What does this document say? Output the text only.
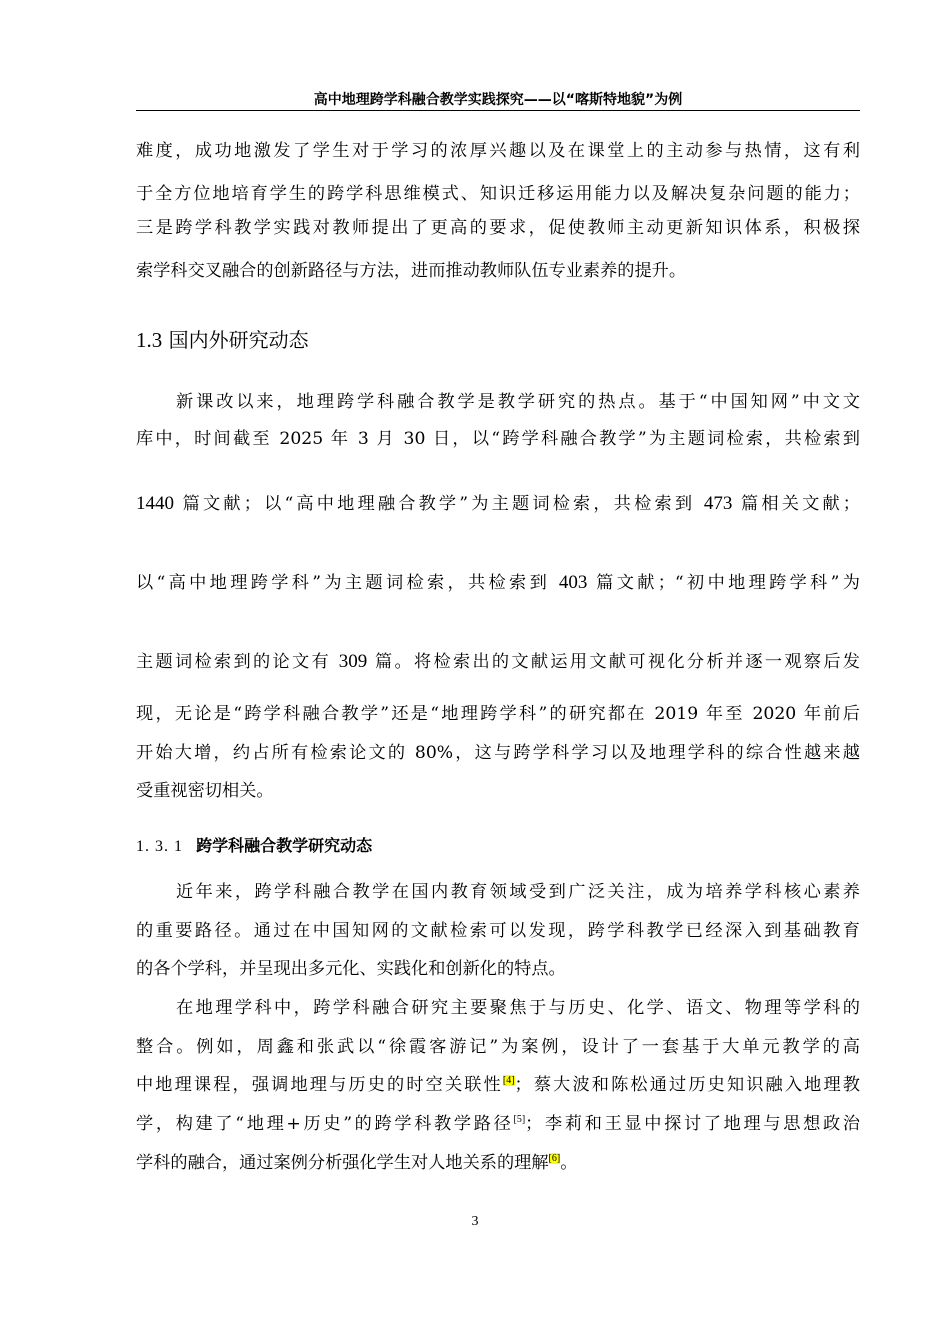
高中地理跨学科融合教学实践探究——以“喀斯特地貌”为例
难度，成功地激发了学生对于学习的浓厚兴趣以及在课堂上的主动参与热情，这有利
于全方位地培育学生的跨学科思维模式、知识迁移运用能力以及解决复杂问题的能力；
三是跨学科教学实践对教师提出了更高的要求，促使教师主动更新知识体系，积极探
索学科交叉融合的创新路径与方法，进而推动教师队伍专业素养的提升。
1.3 国内外研究动态
新课改以来，地理跨学科融合教学是教学研究的热点。基于“中国知网”中文文
库中，时间截至 2025 年 3 月 30 日，以“跨学科融合教学”为主题词检索，共检索到
1440 篇文献；以“高中地理融合教学”为主题词检索，共检索到 473 篇相关文献；
以“高中地理跨学科”为主题词检索，共检索到 403 篇文献；“初中地理跨学科”为
主题词检索到的论文有 309 篇。将检索出的文献运用文献可视化分析并逐一观察后发
现，无论是“跨学科融合教学”还是“地理跨学科”的研究都在 2019 年至 2020 年前后
开始大增，约占所有检索论文的 80%，这与跨学科学习以及地理学科的综合性越来越
受重视密切相关。
1. 3. 1 跨学科融合教学研究动态
近年来，跨学科融合教学在国内教育领域受到广泛关注，成为培养学科核心素养
的重要路径。通过在中国知网的文献检索可以发现，跨学科教学已经深入到基础教育
的各个学科，并呈现出多元化、实践化和创新化的特点。
在地理学科中，跨学科融合研究主要聚焦于与历史、化学、语文、物理等学科的
整合。例如，周鑫和张武以“徐霞客游记”为案例，设计了一套基于大单元教学的高
中地理课程，强调地理与历史的时空关联性[4]；蔡大波和陈松通过历史知识融入地理教
学，构建了“地理+历史”的跨学科教学路径[5]；李莉和王显中探讨了地理与思想政治
学科的融合，通过案例分析强化学生对人地关系的理解[6]。
3
